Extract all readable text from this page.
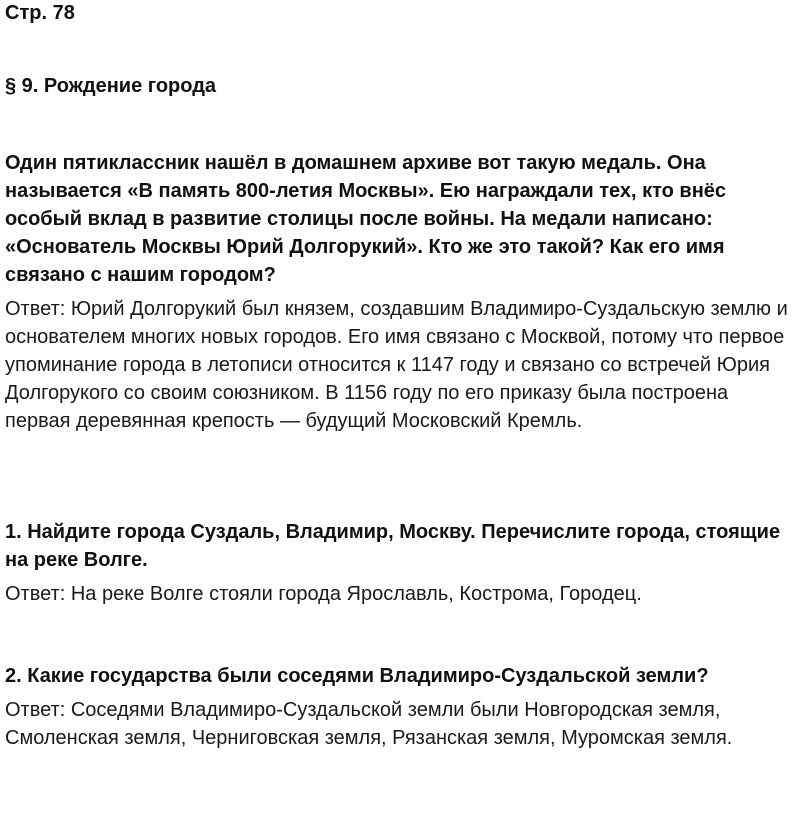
Стр. 78
§ 9. Рождение города

Один пятиклассник нашёл в домашнем архиве вот такую медаль. Она называется «В память 800-летия Москвы». Ею награждали тех, кто внёс особый вклад в развитие столицы после войны. На медали написано: «Основатель Москвы Юрий Долгорукий». Кто же это такой? Как его имя связано с нашим городом?

Ответ: Юрий Долгорукий был князем, создавшим Владимиро-Суздальскую землю и основателем многих новых городов. Его имя связано с Москвой, потому что первое упоминание города в летописи относится к 1147 году и связано со встречей Юрия Долгорукого со своим союзником. В 1156 году по его приказу была построена первая деревянная крепость — будущий Московский Кремль.

1. Найдите города Суздаль, Владимир, Москву. Перечислите города, стоящие на реке Волге.

Ответ: На реке Волге стояли города Ярославль, Кострома, Городец.

2. Какие государства были соседями Владимиро-Суздальской земли?

Ответ: Соседями Владимиро-Суздальской земли были Новгородская земля, Смоленская земля, Черниговская земля, Рязанская земля, Муромская земля.
